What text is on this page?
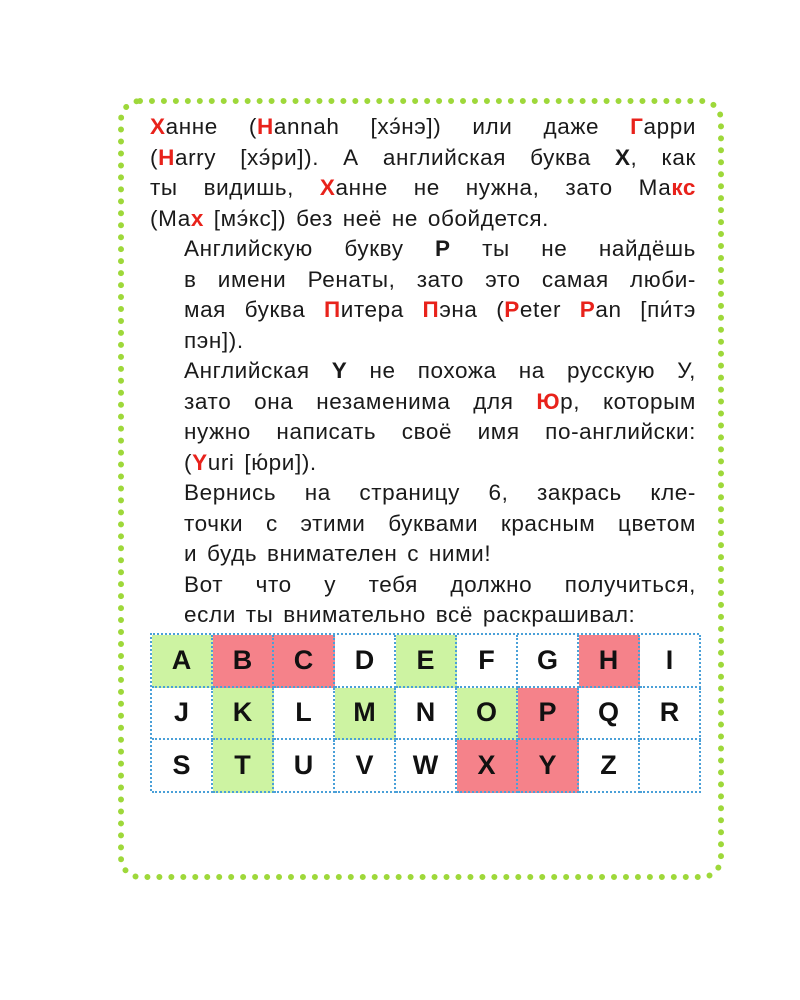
Ханне (Hannah [хэ́нэ]) или даже Гарри
(Harry [хэ́ри]). А английская буква X, как
ты видишь, Ханне не нужна, зато Макс
(Маx [мэ́кс]) без неё не обойдется.
Английскую букву P ты не найдёшь
в имени Ренаты, зато это самая люби-
мая буква Питера Пэна (Peter Pan [пи́тэ
пэн]).
Английская Y не похожа на русскую У,
зато она незаменима для Юр, которым
нужно написать своё имя по-английски:
(Yuri [ю́ри]).
Вернись на страницу 6, закрась кле-
точки с этими буквами красным цветом
и будь внимателен с ними!
Вот что у тебя должно получиться,
если ты внимательно всё раскрашивал:
A	B	C	D	E	F	G	H	I
J	K	L	M	N	O	P	Q	R
S	T	U	V	W	X	Y	Z
